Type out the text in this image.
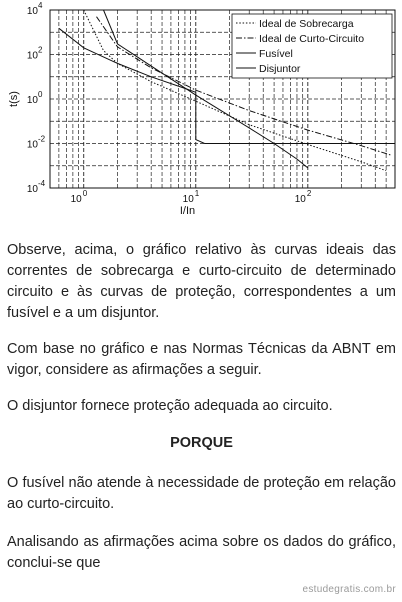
10
4
10
2
10
0
10
-2
10
-4
10
0
10
1
10
2
t(s)
I/In
Ideal de Sobrecarga
Ideal de Curto-Circuito
Fusível
Disjuntor

Observe, acima, o gráfico relativo às curvas ideais das correntes de sobrecarga e curto-circuito de determinado circuito e às curvas de proteção, correspondentes a um fusível e a um disjuntor.

Com base no gráfico e nas Normas Técnicas da ABNT em vigor, considere as afirmações a seguir.

O disjuntor fornece proteção adequada ao circuito.

PORQUE

O fusível não atende à necessidade de proteção em relação ao curto-circuito.

Analisando as afirmações acima sobre os dados do gráfico, conclui-se que

estudegratis.com.br
